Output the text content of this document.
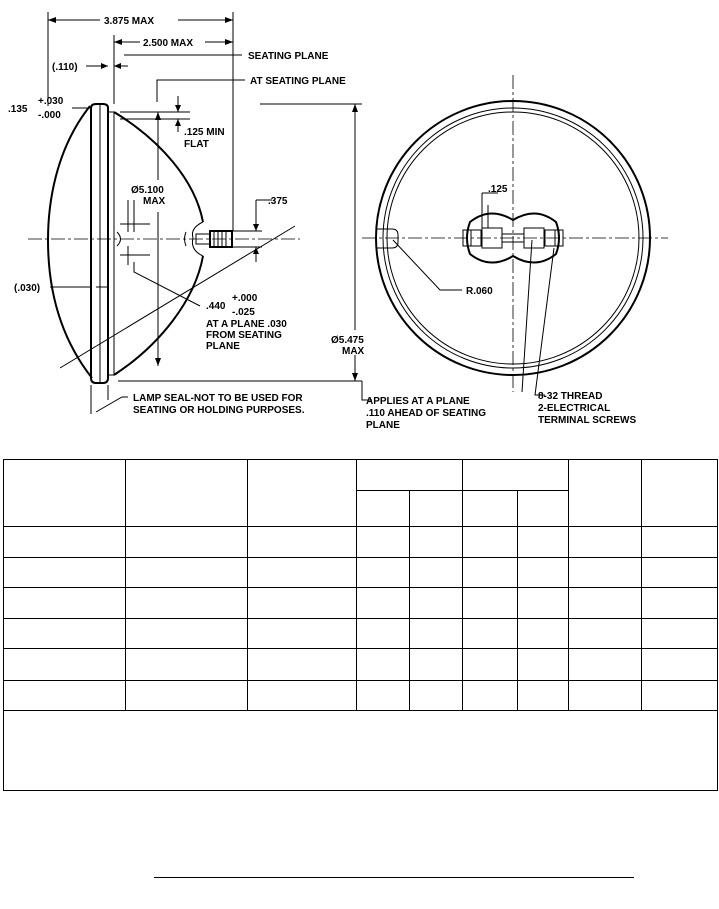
3.875 MAX
2.500 MAX
SEATING PLANE
(.110)
AT SEATING PLANE
.135
+.030
-.000
.125 MIN
FLAT
Ø5.100
MAX	.375
(.030)
.440
+.000
-.025
AT A PLANE .030
FROM SEATING
PLANE
Ø5.475
MAX
LAMP SEAL-NOT TO BE USED FOR
SEATING OR HOLDING PURPOSES.
APPLIES AT A PLANE
.110 AHEAD OF SEATING
PLANE
.125
R.060
8-32 THREAD
2-ELECTRICAL
TERMINAL SCREWS
